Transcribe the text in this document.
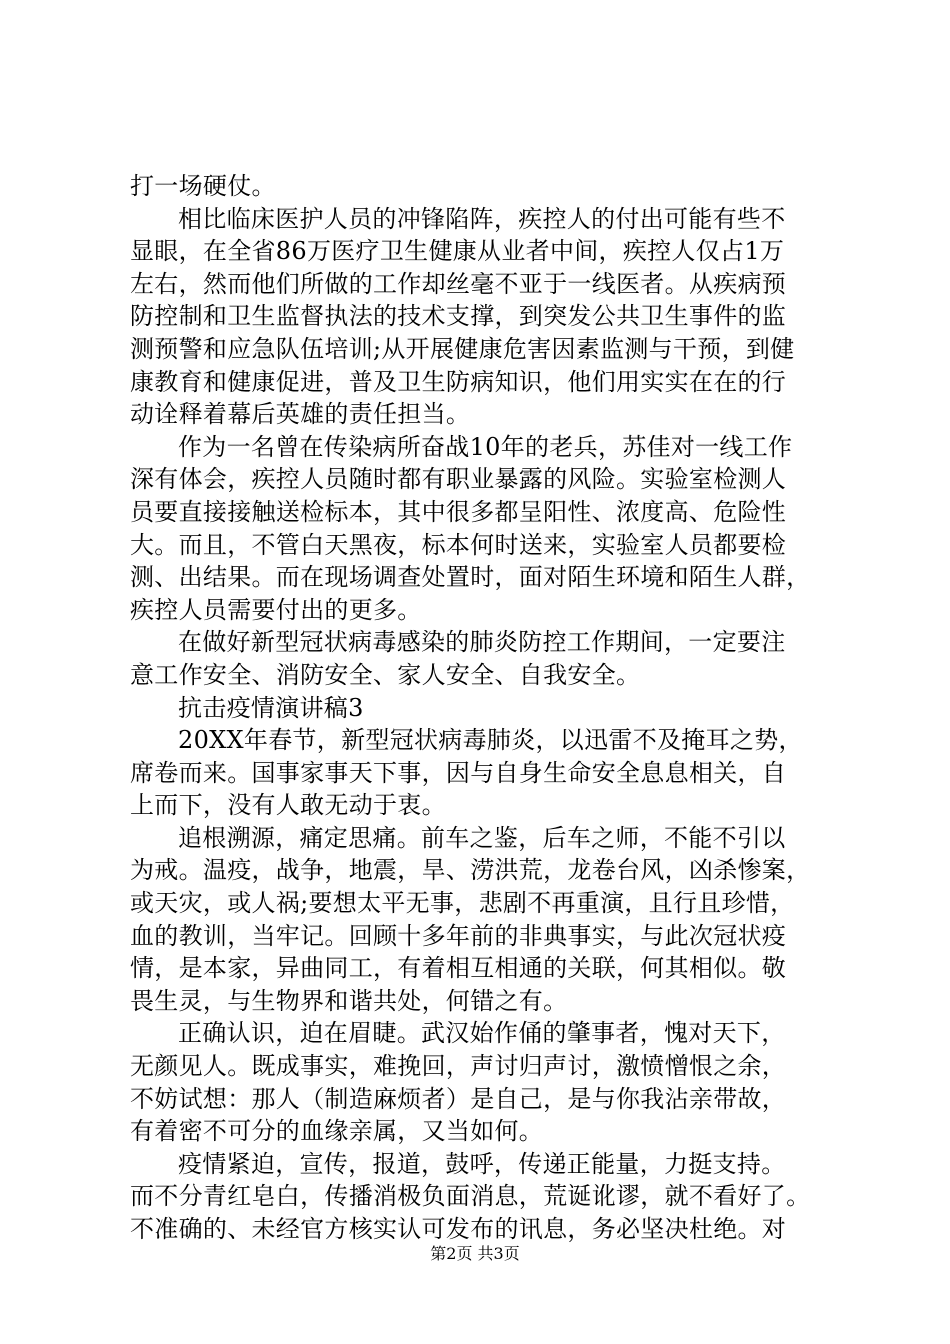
打一场硬仗。
相比临床医护人员的冲锋陷阵，疾控人的付出可能有些不
显眼，在全省86万医疗卫生健康从业者中间，疾控人仅占1万
左右，然而他们所做的工作却丝毫不亚于一线医者。从疾病预
防控制和卫生监督执法的技术支撑，到突发公共卫生事件的监
测预警和应急队伍培训;从开展健康危害因素监测与干预，到健
康教育和健康促进，普及卫生防病知识，他们用实实在在的行
动诠释着幕后英雄的责任担当。
作为一名曾在传染病所奋战10年的老兵，苏佳对一线工作
深有体会，疾控人员随时都有职业暴露的风险。实验室检测人
员要直接接触送检标本，其中很多都呈阳性、浓度高、危险性
大。而且，不管白天黑夜，标本何时送来，实验室人员都要检
测、出结果。而在现场调查处置时，面对陌生环境和陌生人群，
疾控人员需要付出的更多。
在做好新型冠状病毒感染的肺炎防控工作期间，一定要注
意工作安全、消防安全、家人安全、自我安全。
抗击疫情演讲稿3
20XX年春节，新型冠状病毒肺炎，以迅雷不及掩耳之势，
席卷而来。国事家事天下事，因与自身生命安全息息相关，自
上而下，没有人敢无动于衷。
追根溯源，痛定思痛。前车之鉴，后车之师，不能不引以
为戒。温疫，战争，地震，旱、涝洪荒，龙卷台风，凶杀惨案，
或天灾，或人祸;要想太平无事，悲剧不再重演，且行且珍惜，
血的教训，当牢记。回顾十多年前的非典事实，与此次冠状疫
情，是本家，异曲同工，有着相互相通的关联，何其相似。敬
畏生灵，与生物界和谐共处，何错之有。
正确认识，迫在眉睫。武汉始作俑的肇事者，愧对天下，
无颜见人。既成事实，难挽回，声讨归声讨，激愤憎恨之余，
不妨试想：那人（制造麻烦者）是自己，是与你我沾亲带故，
有着密不可分的血缘亲属，又当如何。
疫情紧迫，宣传，报道，鼓呼，传递正能量，力挺支持。
而不分青红皂白，传播消极负面消息，荒诞讹谬，就不看好了。
不准确的、未经官方核实认可发布的讯息，务必坚决杜绝。对
第2页 共3页
